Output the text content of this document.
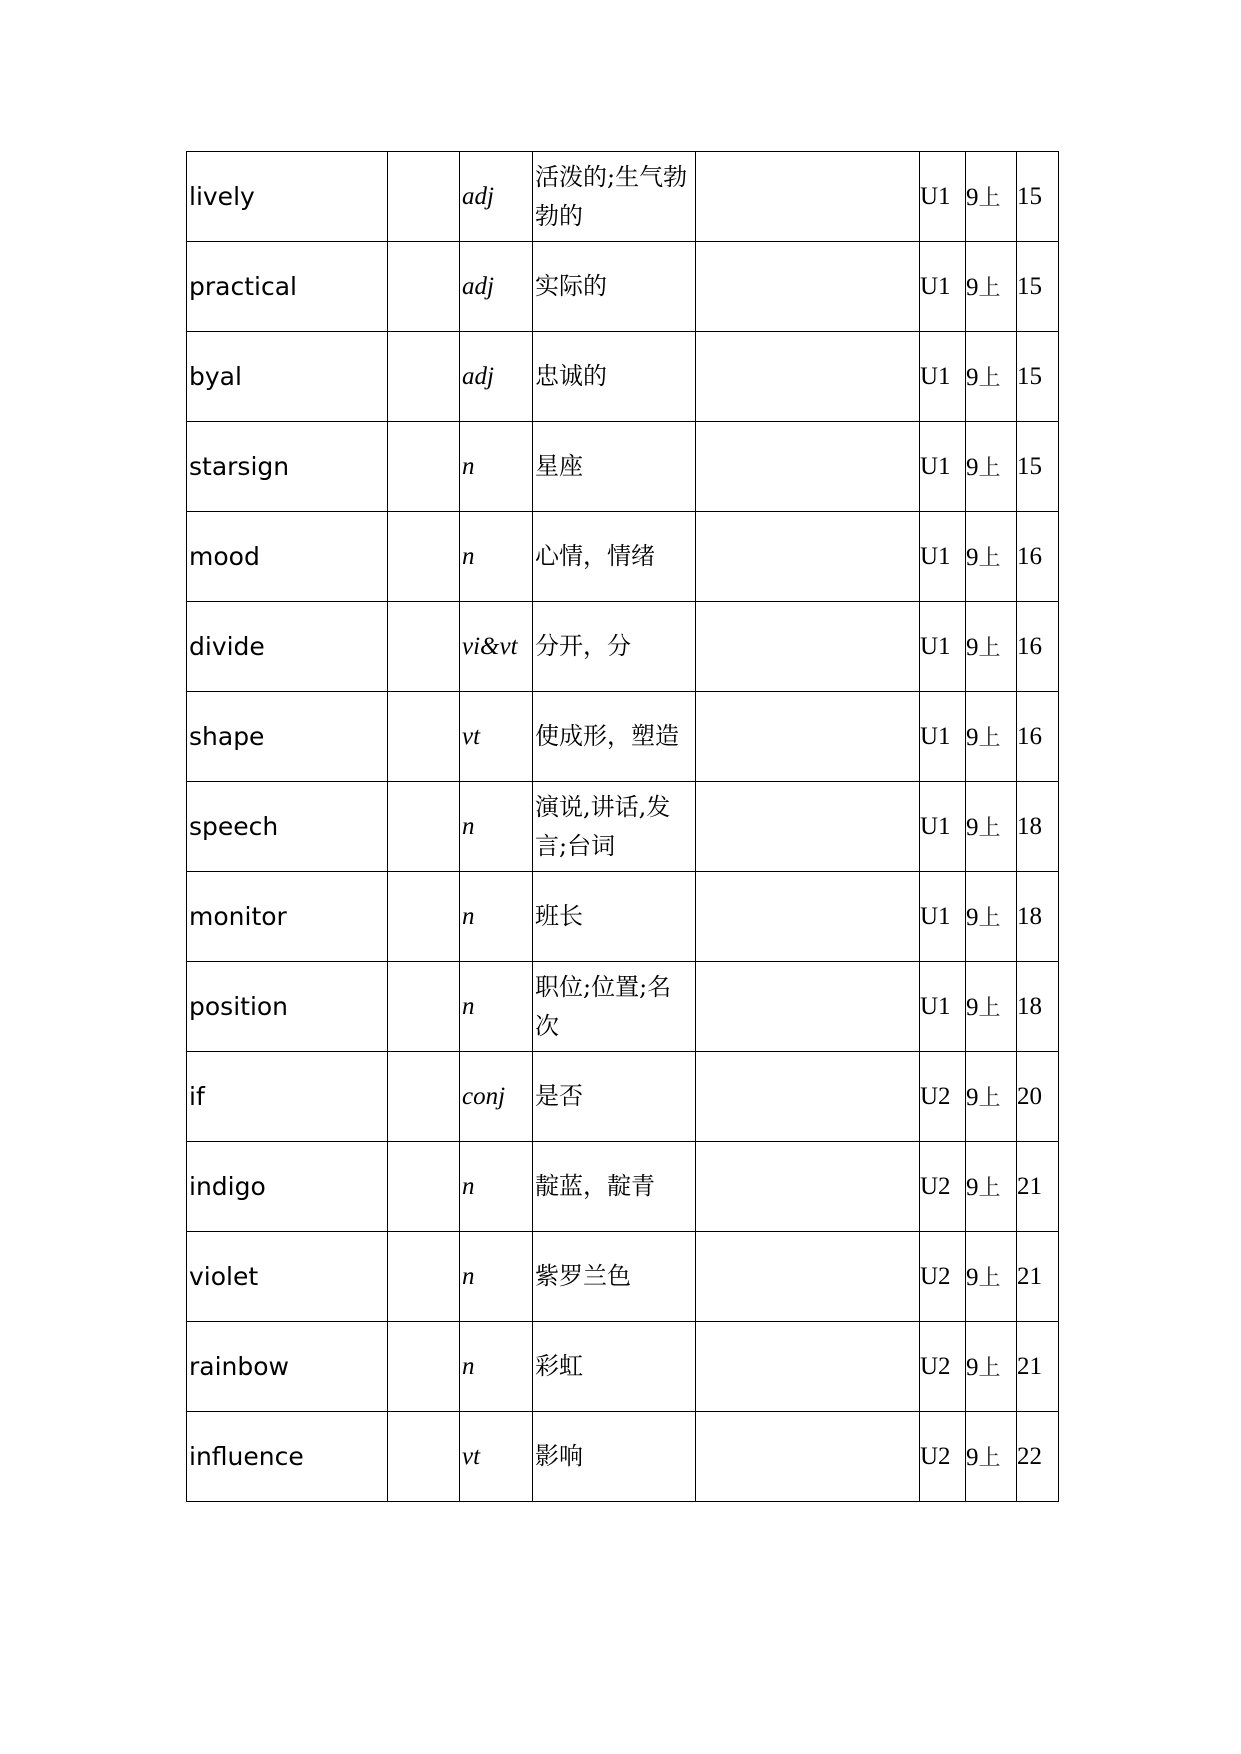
lively		adj	活泼的;生气勃勃的		U1	9上	15
practical		adj	实际的		U1	9上	15
byal		adj	忠诚的		U1	9上	15
starsign		n	星座		U1	9上	15
mood		n	心情，情绪		U1	9上	16
divide		vi&vt	分开，分		U1	9上	16
shape		vt	使成形，塑造		U1	9上	16
speech		n	演说,讲话,发言;台词		U1	9上	18
monitor		n	班长		U1	9上	18
position		n	职位;位置;名次		U1	9上	18
if		conj	是否		U2	9上	20
indigo		n	靛蓝，靛青		U2	9上	21
violet		n	紫罗兰色		U2	9上	21
rainbow		n	彩虹		U2	9上	21
influence		vt	影响		U2	9上	22
